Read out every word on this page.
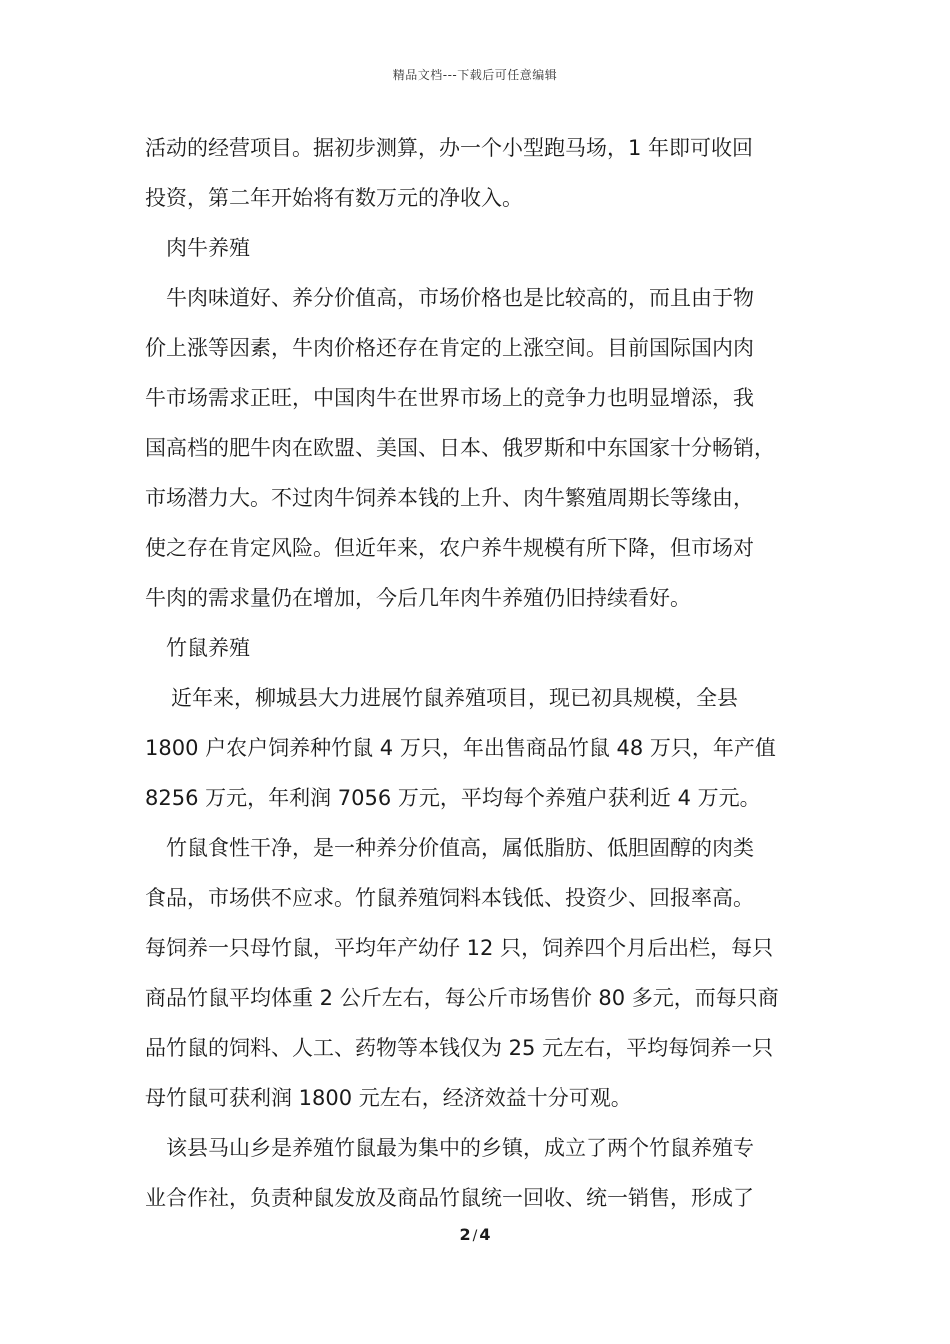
精品文档---下载后可任意编辑
活动的经营项目。据初步测算，办一个小型跑马场，1 年即可收回
投资，第二年开始将有数万元的净收入。
肉牛养殖
牛肉味道好、养分价值高，市场价格也是比较高的，而且由于物
价上涨等因素，牛肉价格还存在肯定的上涨空间。目前国际国内肉
牛市场需求正旺，中国肉牛在世界市场上的竞争力也明显增添，我
国高档的肥牛肉在欧盟、美国、日本、俄罗斯和中东国家十分畅销，
市场潜力大。不过肉牛饲养本钱的上升、肉牛繁殖周期长等缘由，
使之存在肯定风险。但近年来，农户养牛规模有所下降，但市场对
牛肉的需求量仍在增加，今后几年肉牛养殖仍旧持续看好。
竹鼠养殖
近年来，柳城县大力进展竹鼠养殖项目，现已初具规模，全县
1800 户农户饲养种竹鼠 4 万只，年出售商品竹鼠 48 万只，年产值
8256 万元，年利润 7056 万元，平均每个养殖户获利近 4 万元。
竹鼠食性干净，是一种养分价值高，属低脂肪、低胆固醇的肉类
食品，市场供不应求。竹鼠养殖饲料本钱低、投资少、回报率高。
每饲养一只母竹鼠，平均年产幼仔 12 只，饲养四个月后出栏，每只
商品竹鼠平均体重 2 公斤左右，每公斤市场售价 80 多元，而每只商
品竹鼠的饲料、人工、药物等本钱仅为 25 元左右，平均每饲养一只
母竹鼠可获利润 1800 元左右，经济效益十分可观。
该县马山乡是养殖竹鼠最为集中的乡镇，成立了两个竹鼠养殖专
业合作社，负责种鼠发放及商品竹鼠统一回收、统一销售，形成了
2 / 4
